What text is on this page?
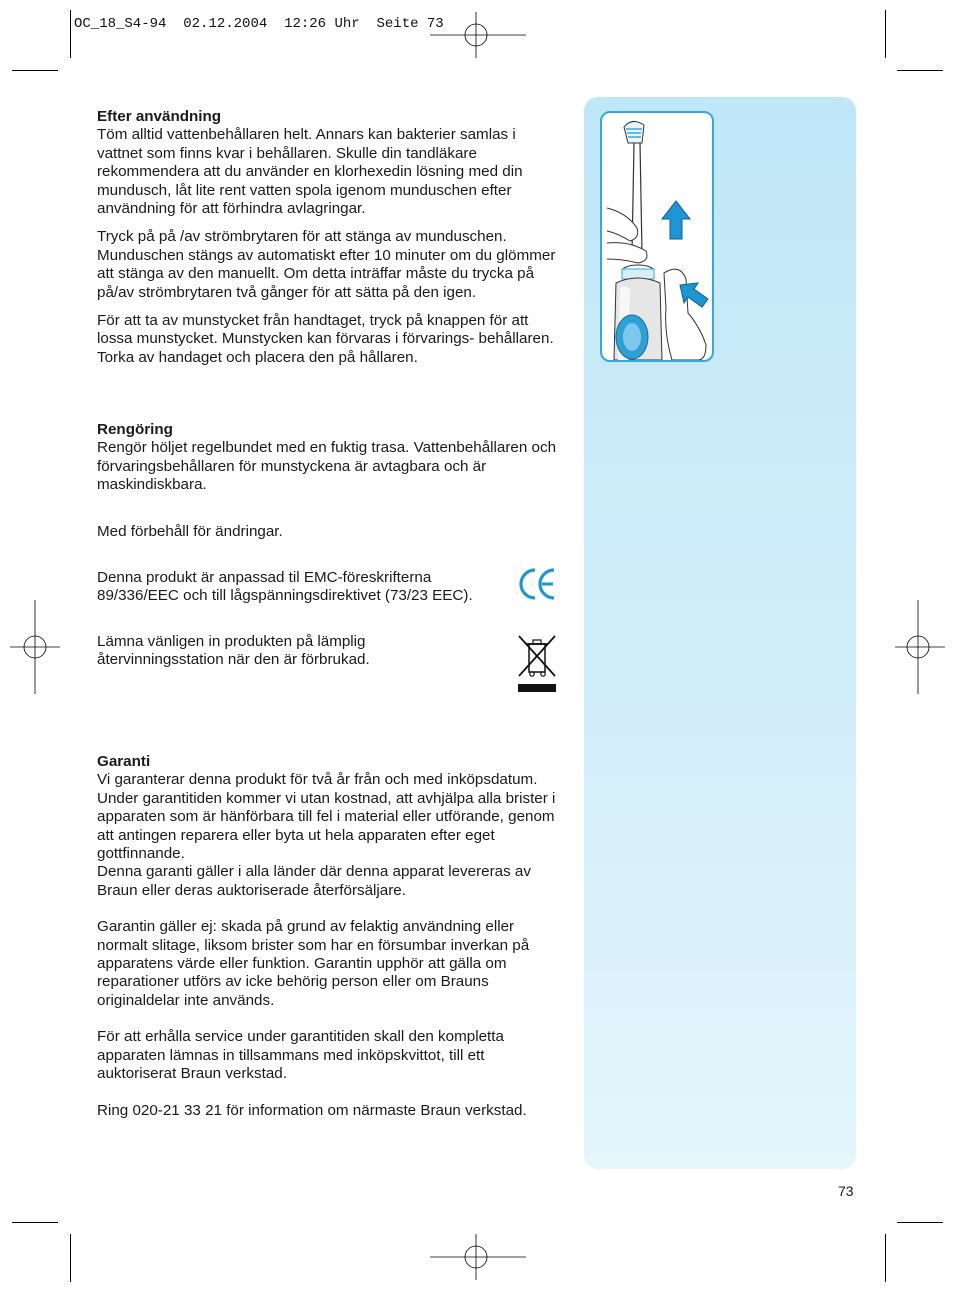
OC_18_S4-94 02.12.2004 12:26 Uhr Seite 73

Efter användning

Töm alltid vattenbehållaren helt. Annars kan bakterier samlas i vattnet som finns kvar i behållaren. Skulle din tandläkare rekommendera att du använder en klorhexedin lösning med din mundusch, låt lite rent vatten spola igenom munduschen efter användning för att förhindra avlagringar.

Tryck på på /av strömbrytaren för att stänga av munduschen. Munduschen stängs av automatiskt efter 10 minuter om du glömmer att stänga av den manuellt. Om detta inträffar måste du trycka på på/av strömbrytaren två gånger för att sätta på den igen.

För att ta av munstycket från handtaget, tryck på knappen för att lossa munstycket. Munstycken kan förvaras i förvarings- behållaren. Torka av handaget och placera den på hållaren.

Rengöring

Rengör höljet regelbundet med en fuktig trasa. Vattenbehållaren och förvaringsbehållaren för munstyckena är avtagbara och är maskindiskbara.

Med förbehåll för ändringar.

Denna produkt är anpassad til EMC-föreskrifterna 89/336/EEC och till lågspänningsdirektivet (73/23 EEC).

Lämna vänligen in produkten på lämplig återvinningsstation när den är förbrukad.

Garanti

Vi garanterar denna produkt för två år från och med inköpsdatum. Under garantitiden kommer vi utan kostnad, att avhjälpa alla brister i apparaten som är hänförbara till fel i material eller utförande, genom att antingen reparera eller byta ut hela apparaten efter eget gottfinnande.

Denna garanti gäller i alla länder där denna apparat levereras av Braun eller deras auktoriserade återförsäljare.

Garantin gäller ej: skada på grund av felaktig användning eller normalt slitage, liksom brister som har en försumbar inverkan på apparatens värde eller funktion. Garantin upphör att gälla om reparationer utförs av icke behörig person eller om Brauns originaldelar inte används.

För att erhålla service under garantitiden skall den kompletta apparaten lämnas in tillsammans med inköpskvittot, till ett auktoriserat Braun verkstad.

Ring 020-21 33 21 för information om närmaste Braun verkstad.

73
